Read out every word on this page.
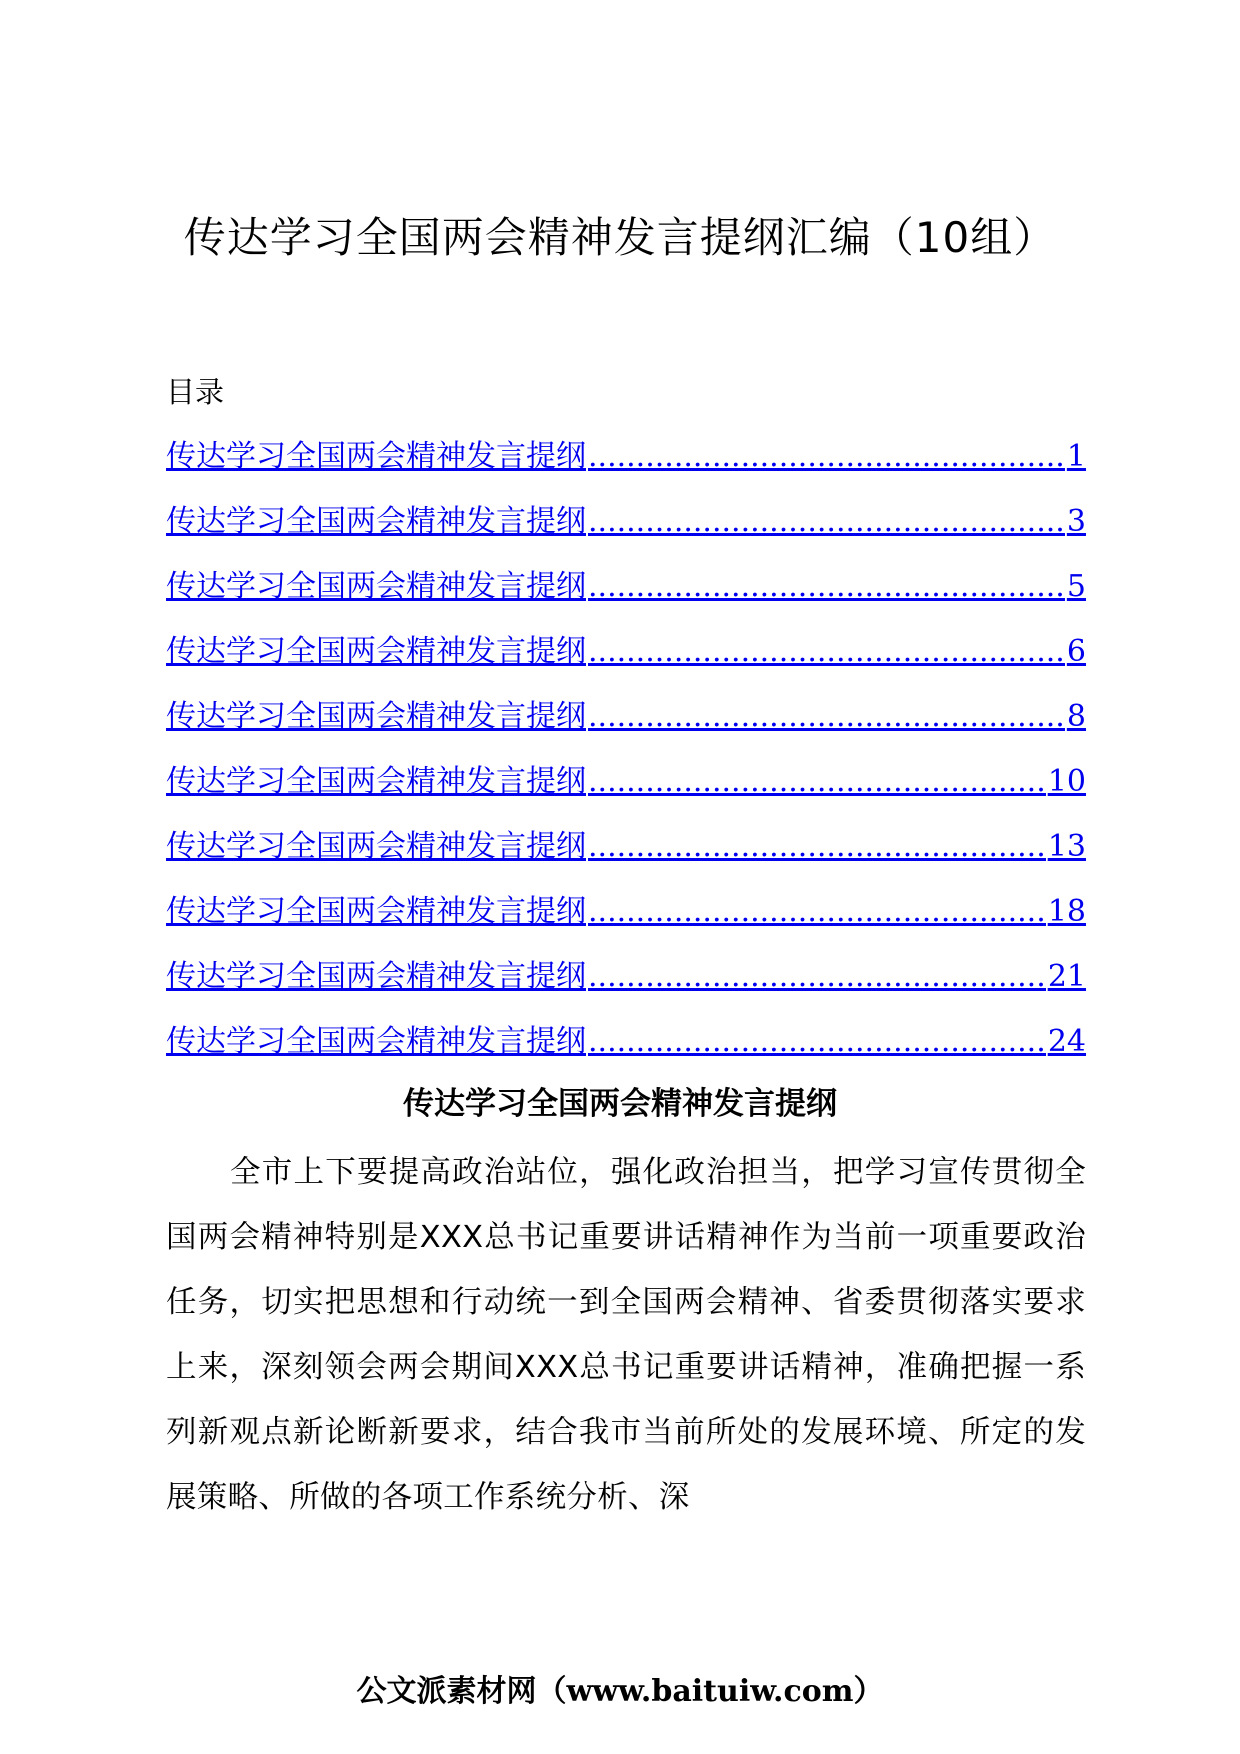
传达学习全国两会精神发言提纲汇编（10组）
目录
传达学习全国两会精神发言提纲 .....	1
传达学习全国两会精神发言提纲 .....	3
传达学习全国两会精神发言提纲 .....	5
传达学习全国两会精神发言提纲 .....	6
传达学习全国两会精神发言提纲 .....	8
传达学习全国两会精神发言提纲 .....	10
传达学习全国两会精神发言提纲 .....	13
传达学习全国两会精神发言提纲 .....	18
传达学习全国两会精神发言提纲 .....	21
传达学习全国两会精神发言提纲 .....	24
传达学习全国两会精神发言提纲

全市上下要提高政治站位，强化政治担当，把学习宣传贯彻全国两会精神特别是XXX总书记重要讲话精神作为当前一项重要政治任务，切实把思想和行动统一到全国两会精神、省委贯彻落实要求上来，深刻领会两会期间XXX总书记重要讲话精神，准确把握一系列新观点新论断新要求，结合我市当前所处的发展环境、所定的发展策略、所做的各项工作系统分析、深

公文派素材网（www.baituiw.com）
